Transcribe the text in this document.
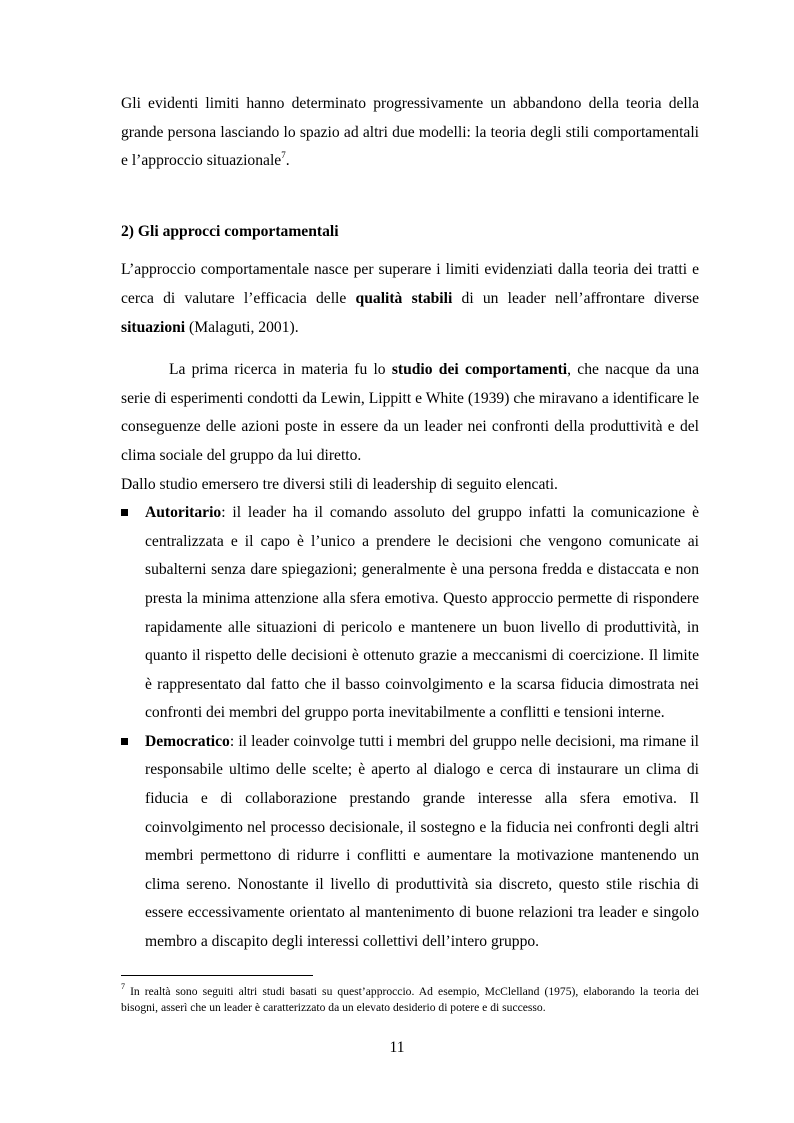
Gli evidenti limiti hanno determinato progressivamente un abbandono della teoria della grande persona lasciando lo spazio ad altri due modelli: la teoria degli stili comportamentali e l’approccio situazionale$^7$.

2) Gli approcci comportamentali

L’approccio comportamentale nasce per superare i limiti evidenziati dalla teoria dei tratti e cerca di valutare l’efficacia delle qualità stabili di un leader nell’affrontare diverse situazioni (Malaguti, 2001).

La prima ricerca in materia fu lo studio dei comportamenti, che nacque da una serie di esperimenti condotti da Lewin, Lippitt e White (1939) che miravano a identificare le conseguenze delle azioni poste in essere da un leader nei confronti della produttività e del clima sociale del gruppo da lui diretto.

Dallo studio emersero tre diversi stili di leadership di seguito elencati.

Autoritario: il leader ha il comando assoluto del gruppo infatti la comunicazione è centralizzata e il capo è l’unico a prendere le decisioni che vengono comunicate ai subalterni senza dare spiegazioni; generalmente è una persona fredda e distaccata e non presta la minima attenzione alla sfera emotiva. Questo approccio permette di rispondere rapidamente alle situazioni di pericolo e mantenere un buon livello di produttività, in quanto il rispetto delle decisioni è ottenuto grazie a meccanismi di coercizione. Il limite è rappresentato dal fatto che il basso coinvolgimento e la scarsa fiducia dimostrata nei confronti dei membri del gruppo porta inevitabilmente a conflitti e tensioni interne.
Democratico: il leader coinvolge tutti i membri del gruppo nelle decisioni, ma rimane il responsabile ultimo delle scelte; è aperto al dialogo e cerca di instaurare un clima di fiducia e di collaborazione prestando grande interesse alla sfera emotiva. Il coinvolgimento nel processo decisionale, il sostegno e la fiducia nei confronti degli altri membri permettono di ridurre i conflitti e aumentare la motivazione mantenendo un clima sereno. Nonostante il livello di produttività sia discreto, questo stile rischia di essere eccessivamente orientato al mantenimento di buone relazioni tra leader e singolo membro a discapito degli interessi collettivi dell’intero gruppo.
$^7$ In realtà sono seguiti altri studi basati su quest’approccio. Ad esempio, McClelland (1975), elaborando la teoria dei bisogni, asserì che un leader è caratterizzato da un elevato desiderio di potere e di successo.
11
